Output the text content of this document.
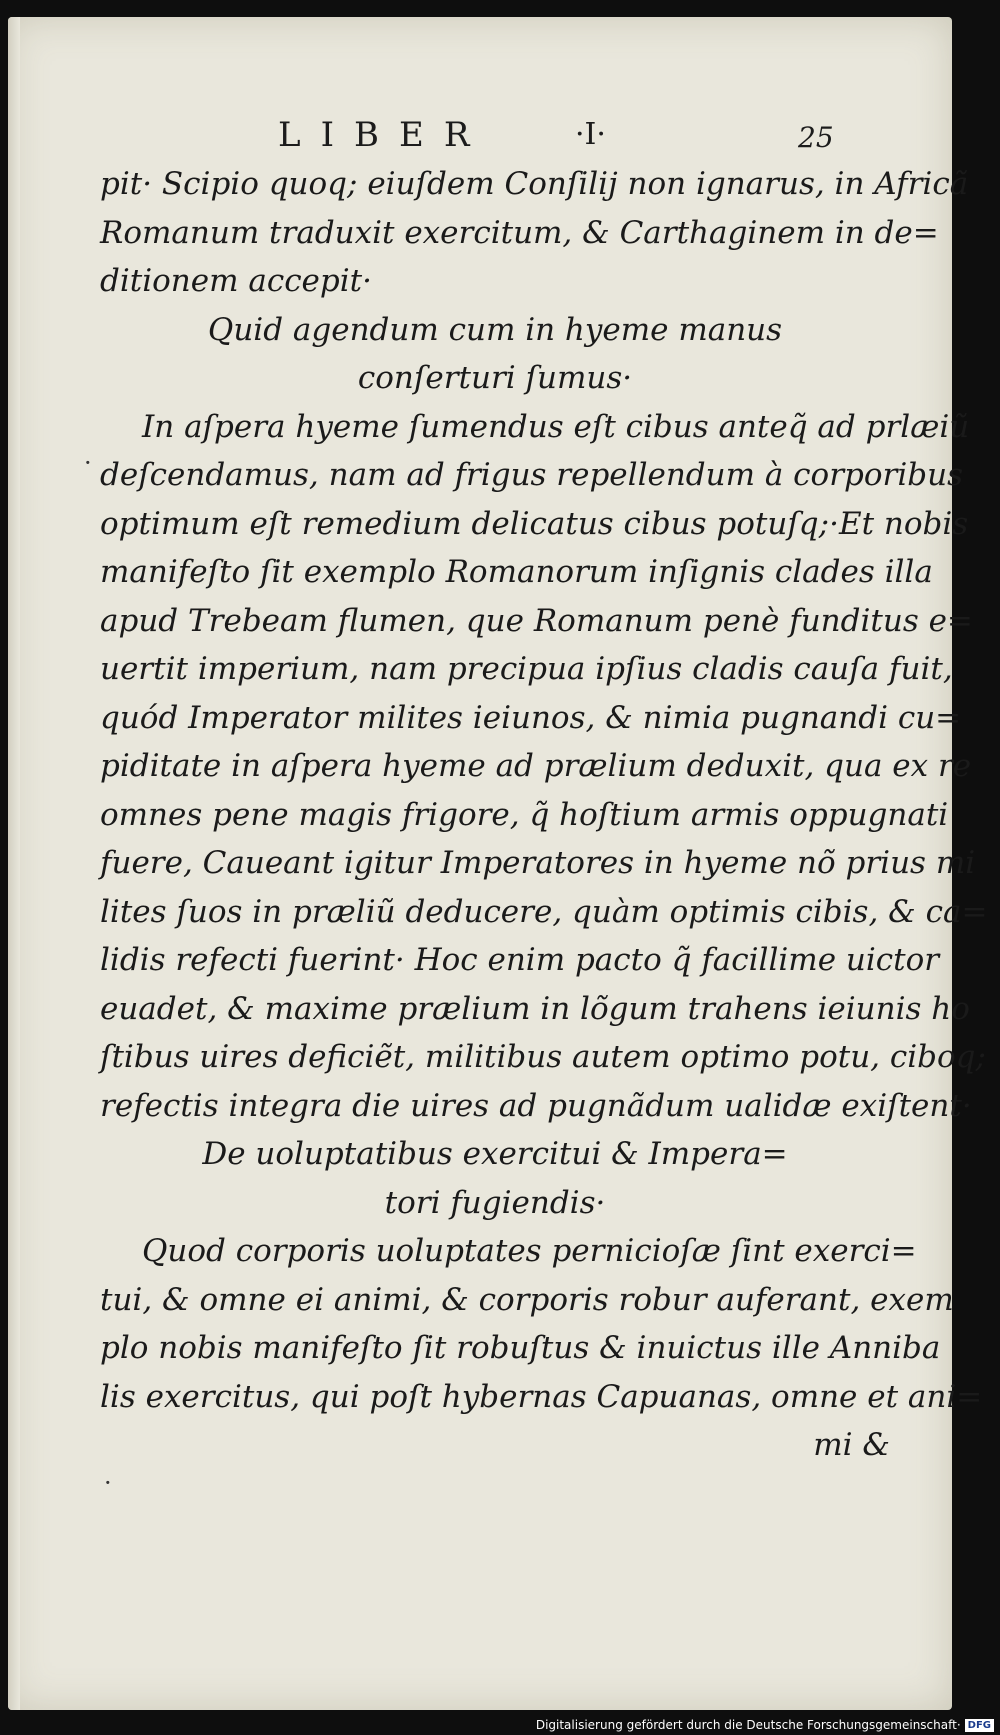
LIBER	·I·	25
·
·
pit· Scipio quoq; eiuſdem Conſilij non ignarus, in Africã
Romanum traduxit exercitum, & Carthaginem in de=
ditionem accepit·
Quid agendum cum in hyeme manus
conſerturi ſumus·
In aſpera hyeme ſumendus eſt cibus anteq̃ ad prlæiũ
deſcendamus, nam ad frigus repellendum à corporibus
optimum eſt remedium delicatus cibus potuſq;·Et nobis
manifeſto ſit exemplo Romanorum inſignis clades illa
apud Trebeam flumen, que Romanum penè funditus e=
uertit imperium, nam precipua ipſius cladis cauſa fuit,
quód Imperator milites ieiunos, & nimia pugnandi cu=
piditate in aſpera hyeme ad prælium deduxit, qua ex re
omnes pene magis frigore, q̃ hoſtium armis oppugnati
fuere, Caueant igitur Imperatores in hyeme nõ prius mi
lites ſuos in præliũ deducere, quàm optimis cibis, & ca=
lidis refecti fuerint· Hoc enim pacto q̃ facillime uictor
euadet, & maxime prælium in lõgum trahens ieiunis ho
ſtibus uires deficiẽt, militibus autem optimo potu, ciboq;
refectis integra die uires ad pugnãdum ualidæ exiſtent·
De uoluptatibus exercitui & Impera=
tori fugiendis·
Quod corporis uoluptates pernicioſæ ſint exerci=
tui, & omne ei animi, & corporis robur auferant, exem
plo nobis manifeſto ſit robuſtus & inuictus ille Anniba
lis exercitus, qui poſt hybernas Capuanas, omne et ani=
mi &
Digitalisierung gefördert durch die Deutsche Forschungsgemeinschaft· DFG
